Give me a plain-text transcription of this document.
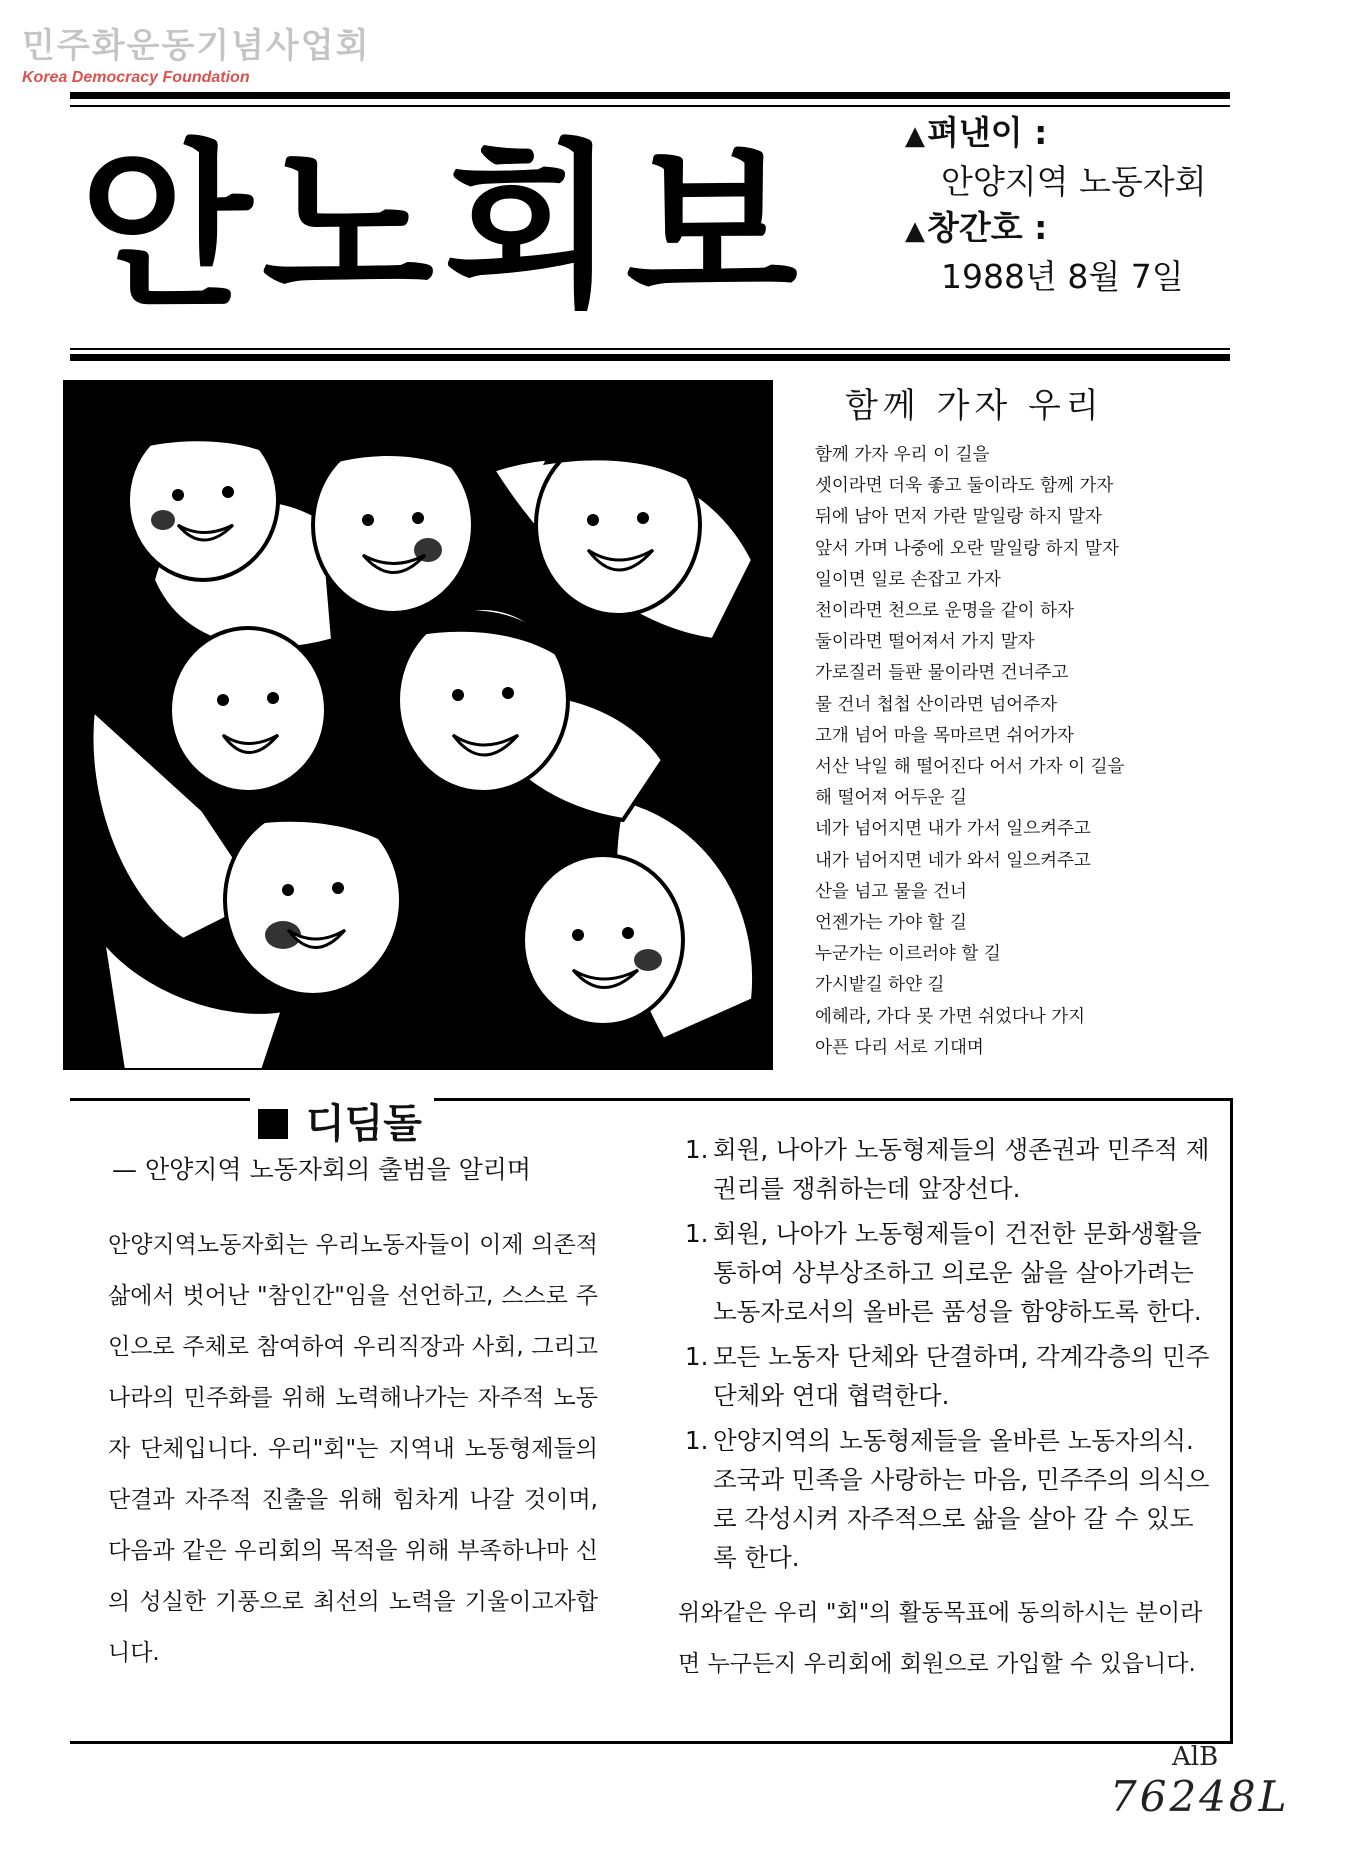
민주화운동기념사업회
Korea Democracy Foundation
안노회보	▲펴낸이 :
안양지역 노동자회
▲창간호 :
1988년 8월 7일
함께 가자 우리
함께 가자 우리 이 길을
셋이라면 더욱 좋고 둘이라도 함께 가자
뒤에 남아 먼저 가란 말일랑 하지 말자
앞서 가며 나중에 오란 말일랑 하지 말자
일이면 일로 손잡고 가자
천이라면 천으로 운명을 같이 하자
둘이라면 떨어져서 가지 말자
가로질러 들판 물이라면 건너주고
물 건너 첩첩 산이라면 넘어주자
고개 넘어 마을 목마르면 쉬어가자
서산 낙일 해 떨어진다 어서 가자 이 길을
해 떨어져 어두운 길
네가 넘어지면 내가 가서 일으켜주고
내가 넘어지면 네가 와서 일으켜주고
산을 넘고 물을 건너
언젠가는 가야 할 길
누군가는 이르러야 할 길
가시밭길 하얀 길
에헤라, 가다 못 가면 쉬었다나 가지
아픈 다리 서로 기대며
디딤돌
— 안양지역 노동자회의 출범을 알리며
안양지역노동자회는 우리노동자들이 이제 의존적 삶에서 벗어난 "참인간"임을 선언하고, 스스로 주인으로 주체로 참여하여 우리직장과 사회, 그리고 나라의 민주화를 위해 노력해나가는 자주적 노동자 단체입니다. 우리"회"는 지역내 노동형제들의 단결과 자주적 진출을 위해 힘차게 나갈 것이며, 다음과 같은 우리회의 목적을 위해 부족하나마 신의 성실한 기풍으로 최선의 노력을 기울이고자합니다.
1. 회원, 나아가 노동형제들의 생존권과 민주적 제권리를 쟁취하는데 앞장선다.
1. 회원, 나아가 노동형제들이 건전한 문화생활을 통하여 상부상조하고 의로운 삶을 살아가려는 노동자로서의 올바른 품성을 함양하도록 한다.
1. 모든 노동자 단체와 단결하며, 각계각층의 민주단체와 연대 협력한다.
1. 안양지역의 노동형제들을 올바른 노동자의식. 조국과 민족을 사랑하는 마음, 민주주의 의식으로 각성시켜 자주적으로 삶을 살아 갈 수 있도록 한다.
위와같은 우리 "회"의 활동목표에 동의하시는 분이라면 누구든지 우리회에 회원으로 가입할 수 있읍니다.
AlB
76248L
